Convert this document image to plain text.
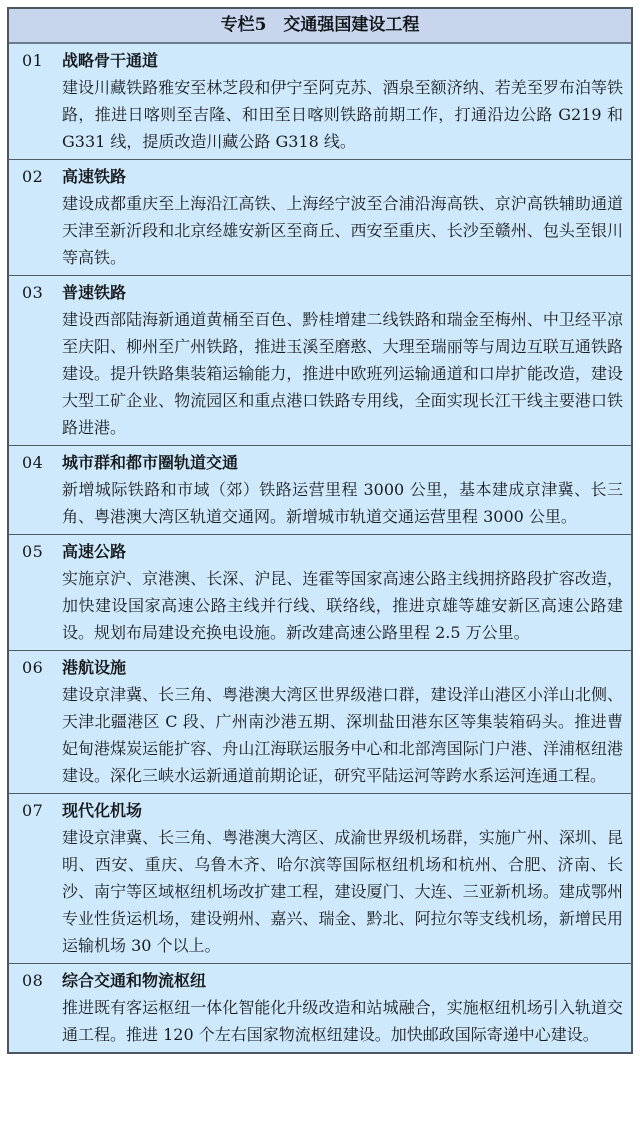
专栏5　交通强国建设工程
01	战略骨干通道
建设川藏铁路雅安至林芝段和伊宁至阿克苏、酒泉至额济纳、若羌至罗布泊等铁路，推进日喀则至吉隆、和田至日喀则铁路前期工作，打通沿边公路 G219 和 G331 线，提质改造川藏公路 G318 线。
02	高速铁路
建设成都重庆至上海沿江高铁、上海经宁波至合浦沿海高铁、京沪高铁辅助通道天津至新沂段和北京经雄安新区至商丘、西安至重庆、长沙至赣州、包头至银川等高铁。
03	普速铁路
建设西部陆海新通道黄桶至百色、黔桂增建二线铁路和瑞金至梅州、中卫经平凉至庆阳、柳州至广州铁路，推进玉溪至磨憨、大理至瑞丽等与周边互联互通铁路建设。提升铁路集装箱运输能力，推进中欧班列运输通道和口岸扩能改造，建设大型工矿企业、物流园区和重点港口铁路专用线，全面实现长江干线主要港口铁路进港。
04	城市群和都市圈轨道交通
新增城际铁路和市域（郊）铁路运营里程 3000 公里，基本建成京津冀、长三角、粤港澳大湾区轨道交通网。新增城市轨道交通运营里程 3000 公里。
05	高速公路
实施京沪、京港澳、长深、沪昆、连霍等国家高速公路主线拥挤路段扩容改造，加快建设国家高速公路主线并行线、联络线，推进京雄等雄安新区高速公路建设。规划布局建设充换电设施。新改建高速公路里程 2.5 万公里。
06	港航设施
建设京津冀、长三角、粤港澳大湾区世界级港口群，建设洋山港区小洋山北侧、天津北疆港区 C 段、广州南沙港五期、深圳盐田港东区等集装箱码头。推进曹妃甸港煤炭运能扩容、舟山江海联运服务中心和北部湾国际门户港、洋浦枢纽港建设。深化三峡水运新通道前期论证，研究平陆运河等跨水系运河连通工程。
07	现代化机场
建设京津冀、长三角、粤港澳大湾区、成渝世界级机场群，实施广州、深圳、昆明、西安、重庆、乌鲁木齐、哈尔滨等国际枢纽机场和杭州、合肥、济南、长沙、南宁等区域枢纽机场改扩建工程，建设厦门、大连、三亚新机场。建成鄂州专业性货运机场，建设朔州、嘉兴、瑞金、黔北、阿拉尔等支线机场，新增民用运输机场 30 个以上。
08	综合交通和物流枢纽
推进既有客运枢纽一体化智能化升级改造和站城融合，实施枢纽机场引入轨道交通工程。推进 120 个左右国家物流枢纽建设。加快邮政国际寄递中心建设。
